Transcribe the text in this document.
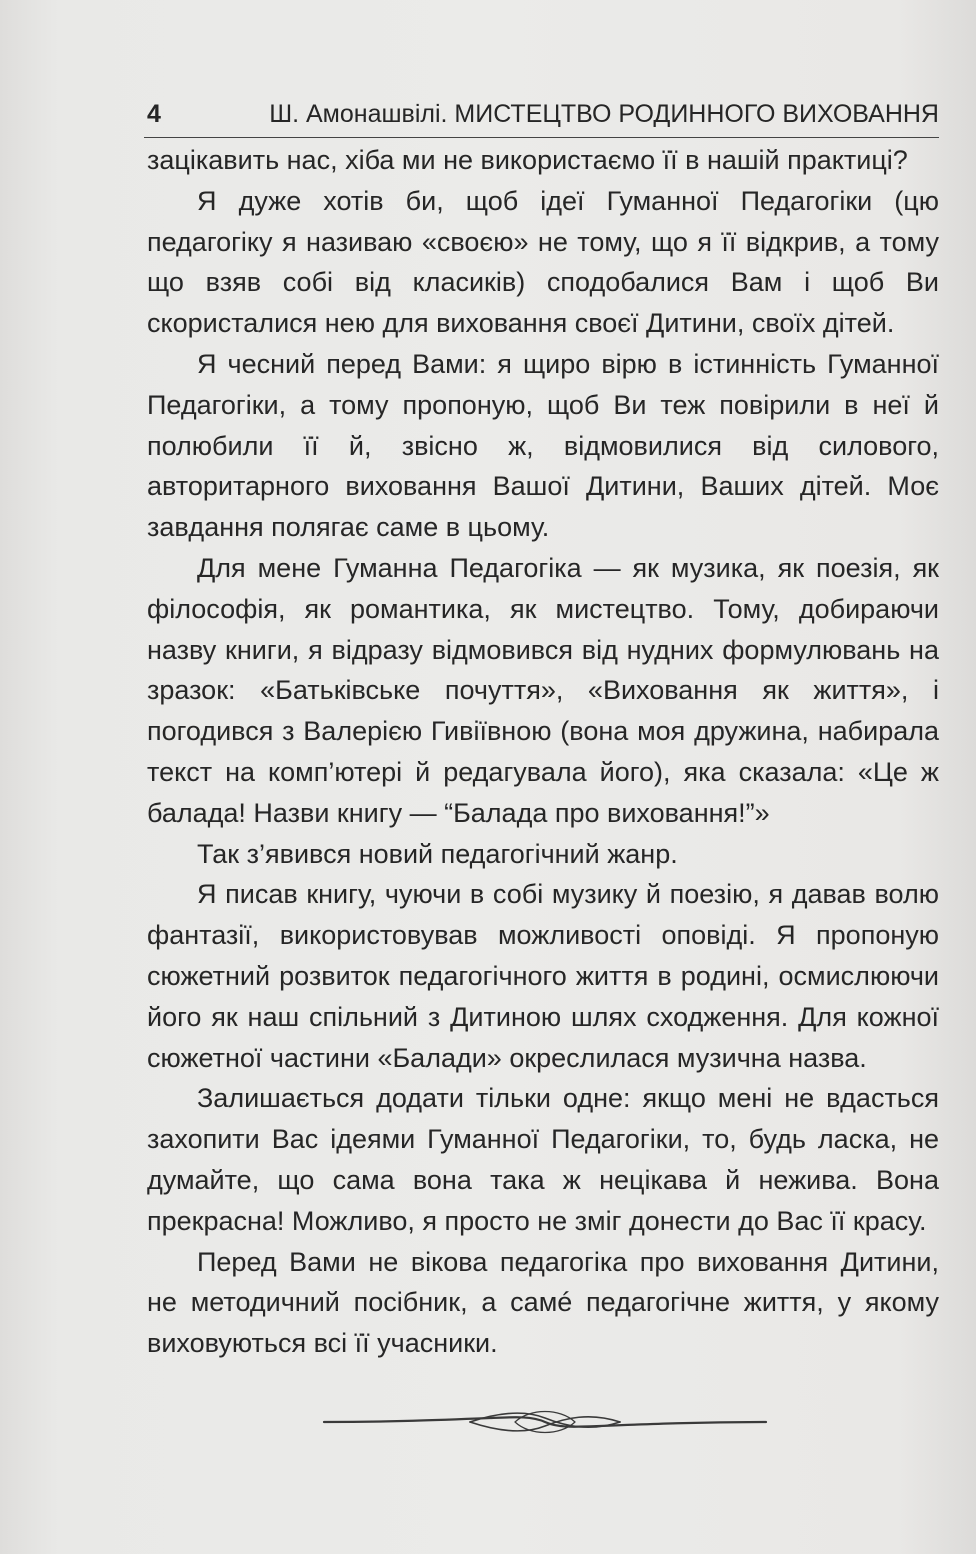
4	Ш. Амонашвілі. МИСТЕЦТВО РОДИННОГО ВИХОВАННЯ

зацікавить нас, хіба ми не використаємо її в нашій практиці?

Я дуже хотів би, щоб ідеї Гуманної Педагогіки (цю педагогіку я називаю «своєю» не тому, що я її відкрив, а тому що взяв собі від класиків) сподобалися Вам і щоб Ви скористалися нею для виховання своєї Дитини, своїх дітей.

Я чесний перед Вами: я щиро вірю в істинність Гуманної Педагогіки, а тому пропоную, щоб Ви теж повірили в неї й полюбили її й, звісно ж, відмовилися від силового, авторитарного виховання Вашої Дитини, Ваших дітей. Моє завдання полягає саме в цьому.

Для мене Гуманна Педагогіка — як музика, як поезія, як філософія, як романтика, як мистецтво. Тому, добираючи назву книги, я відразу відмовився від нудних формулювань на зразок: «Батьківське почуття», «Виховання як життя», і погодився з Валерією Гивіївною (вона моя дружина, набирала текст на комп’ютері й редагувала його), яка сказала: «Це ж балада! Назви книгу — “Балада про виховання!”»

Так з’явився новий педагогічний жанр.

Я писав книгу, чуючи в собі музику й поезію, я давав волю фантазії, використовував можливості оповіді. Я пропоную сюжетний розвиток педагогічного життя в родині, осмислюючи його як наш спільний з Дитиною шлях сходження. Для кожної сюжетної частини «Балади» окреслилася музична назва.

Залишається додати тільки одне: якщо мені не вдасться захопити Вас ідеями Гуманної Педагогіки, то, будь ласка, не думайте, що сама вона така ж нецікава й нежива. Вона прекрасна! Можливо, я просто не зміг донести до Вас її красу.

Перед Вами не вікова педагогіка про виховання Дитини, не методичний посібник, а самé педагогічне життя, у якому виховуються всі її учасники.
